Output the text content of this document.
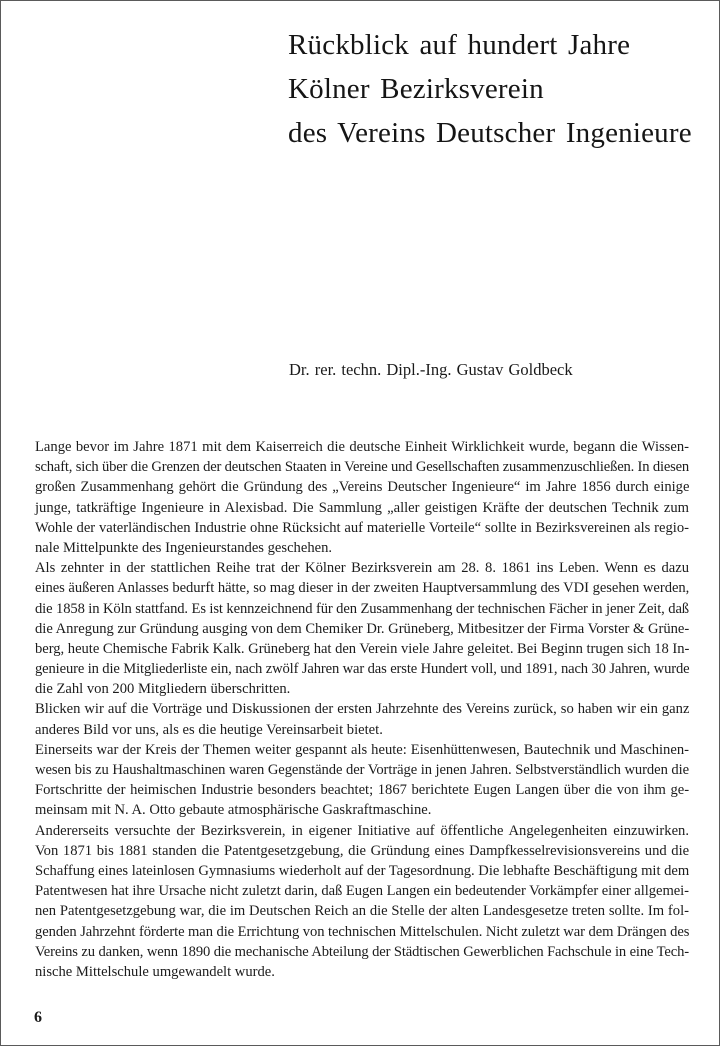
Rückblick auf hundert Jahre
Kölner Bezirksverein
des Vereins Deutscher Ingenieure
Dr. rer. techn. Dipl.-Ing. Gustav Goldbeck
Lange bevor im Jahre 1871 mit dem Kaiserreich die deutsche Einheit Wirklichkeit wurde, begann die Wissen-
schaft, sich über die Grenzen der deutschen Staaten in Vereine und Gesellschaften zusammenzuschließen. In diesen
großen Zusammenhang gehört die Gründung des „Vereins Deutscher Ingenieure“ im Jahre 1856 durch einige
junge, tatkräftige Ingenieure in Alexisbad. Die Sammlung „aller geistigen Kräfte der deutschen Technik zum
Wohle der vaterländischen Industrie ohne Rücksicht auf materielle Vorteile“ sollte in Bezirksvereinen als regio-
nale Mittelpunkte des Ingenieurstandes geschehen.
Als zehnter in der stattlichen Reihe trat der Kölner Bezirksverein am 28. 8. 1861 ins Leben. Wenn es dazu
eines äußeren Anlasses bedurft hätte, so mag dieser in der zweiten Hauptversammlung des VDI gesehen werden,
die 1858 in Köln stattfand. Es ist kennzeichnend für den Zusammenhang der technischen Fächer in jener Zeit, daß
die Anregung zur Gründung ausging von dem Chemiker Dr. Grüneberg, Mitbesitzer der Firma Vorster & Grüne-
berg, heute Chemische Fabrik Kalk. Grüneberg hat den Verein viele Jahre geleitet. Bei Beginn trugen sich 18 In-
genieure in die Mitgliederliste ein, nach zwölf Jahren war das erste Hundert voll, und 1891, nach 30 Jahren, wurde
die Zahl von 200 Mitgliedern überschritten.
Blicken wir auf die Vorträge und Diskussionen der ersten Jahrzehnte des Vereins zurück, so haben wir ein ganz
anderes Bild vor uns, als es die heutige Vereinsarbeit bietet.
Einerseits war der Kreis der Themen weiter gespannt als heute: Eisenhüttenwesen, Bautechnik und Maschinen-
wesen bis zu Haushaltmaschinen waren Gegenstände der Vorträge in jenen Jahren. Selbstverständlich wurden die
Fortschritte der heimischen Industrie besonders beachtet; 1867 berichtete Eugen Langen über die von ihm ge-
meinsam mit N. A. Otto gebaute atmosphärische Gaskraftmaschine.
Andererseits versuchte der Bezirksverein, in eigener Initiative auf öffentliche Angelegenheiten einzuwirken.
Von 1871 bis 1881 standen die Patentgesetzgebung, die Gründung eines Dampfkesselrevisionsvereins und die
Schaffung eines lateinlosen Gymnasiums wiederholt auf der Tagesordnung. Die lebhafte Beschäftigung mit dem
Patentwesen hat ihre Ursache nicht zuletzt darin, daß Eugen Langen ein bedeutender Vorkämpfer einer allgemei-
nen Patentgesetzgebung war, die im Deutschen Reich an die Stelle der alten Landesgesetze treten sollte. Im fol-
genden Jahrzehnt förderte man die Errichtung von technischen Mittelschulen. Nicht zuletzt war dem Drängen des
Vereins zu danken, wenn 1890 die mechanische Abteilung der Städtischen Gewerblichen Fachschule in eine Tech-
nische Mittelschule umgewandelt wurde.
6
